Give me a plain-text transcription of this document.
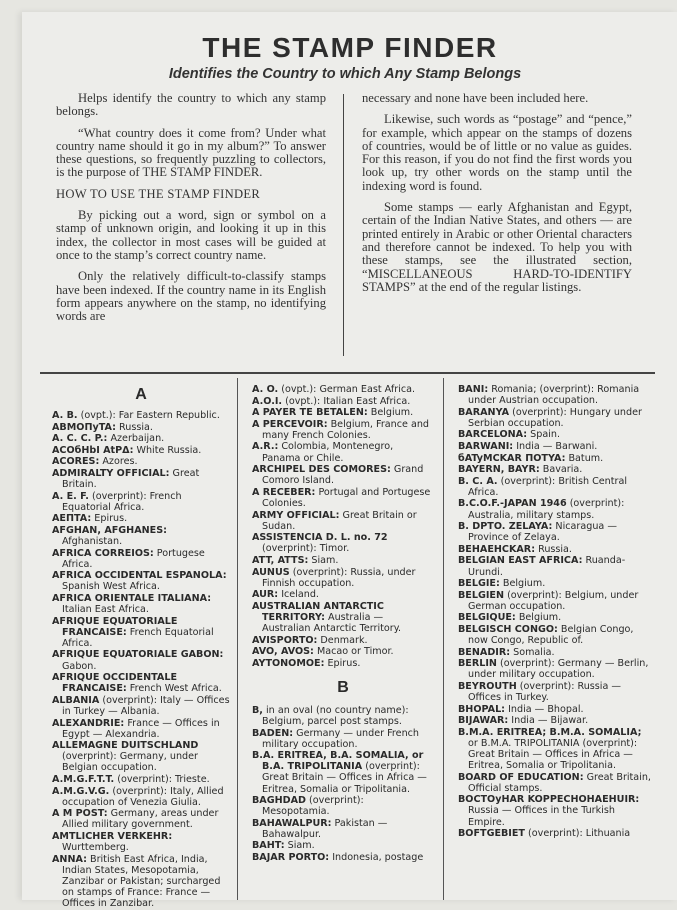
THE STAMP FINDER
Identifies the Country to which Any Stamp Belongs

Helps identify the country to which any stamp belongs.

“What country does it come from? Under what country name should it go in my album?” To answer these questions, so frequently puzzling to collectors, is the purpose of THE STAMP FINDER.

HOW TO USE THE STAMP FINDER

By picking out a word, sign or symbol on a stamp of unknown origin, and looking it up in this index, the collector in most cases will be guided at once to the stamp’s correct country name.

Only the relatively difficult-to-classify stamps have been indexed. If the country name in its English form appears anywhere on the stamp, no identifying words are

necessary and none have been included here.

Likewise, such words as “postage” and “pence,” for example, which appear on the stamps of dozens of countries, would be of little or no value as guides. For this reason, if you do not find the first words you look up, try other words on the stamp until the indexing word is found.

Some stamps — early Afghanistan and Egypt, certain of the Indian Native States, and others — are printed entirely in Arabic or other Oriental characters and therefore cannot be indexed. To help you with these stamps, see the illustrated section, “MISCELLANEOUS HARD-TO-IDENTIFY STAMPS” at the end of the regular listings.

A
A. B. (ovpt.): Far Eastern Republic.
ABMOПyTA: Russia.
A. C. C. P.: Azerbaijan.
ACOбHbI AtPΔ: White Russia.
ACORES: Azores.
ADMIRALTY OFFICIAL: Great Britain.
A. E. F. (overprint): French Equatorial Africa.
AEПTA: Epirus.
AFGHAN, AFGHANES: Afghanistan.
AFRICA CORREIOS: Portugese Africa.
AFRICA OCCIDENTAL ESPANOLA: Spanish West Africa.
AFRICA ORIENTALE ITALIANA: Italian East Africa.
AFRIQUE EQUATORIALE FRANCAISE: French Equatorial Africa.
AFRIQUE EQUATORIALE GABON: Gabon.
AFRIQUE OCCIDENTALE FRANCAISE: French West Africa.
ALBANIA (overprint): Italy — Offices in Turkey — Albania.
ALEXANDRIE: France — Offices in Egypt — Alexandria.
ALLEMAGNE DUITSCHLAND (overprint): Germany, under Belgian occupation.
A.M.G.F.T.T. (overprint): Trieste.
A.M.G.V.G. (overprint): Italy, Allied occupation of Venezia Giulia.
A M POST: Germany, areas under Allied military government.
AMTLICHER VERKEHR: Wurttemberg.
ANNA: British East Africa, India, Indian States, Mesopotamia, Zanzibar or Pakistan; surcharged on stamps of France: France — Offices in Zanzibar.
A. O. (ovpt.): German East Africa.
A.O.I. (ovpt.): Italian East Africa.
A PAYER TE BETALEN: Belgium.
A PERCEVOIR: Belgium, France and many French Colonies.
A.R.: Colombia, Montenegro, Panama or Chile.
ARCHIPEL DES COMORES: Grand Comoro Island.
A RECEBER: Portugal and Portugese Colonies.
ARMY OFFICIAL: Great Britain or Sudan.
ASSISTENCIA D. L. no. 72 (overprint): Timor.
ATT, ATTS: Siam.
AUNUS (overprint): Russia, under Finnish occupation.
AUR: Iceland.
AUSTRALIAN ANTARCTIC TERRITORY: Australia — Australian Antarctic Territory.
AVISPORTO: Denmark.
AVO, AVOS: Macao or Timor.
AYTONOMOE: Epirus.
B
B, in an oval (no country name): Belgium, parcel post stamps.
BADEN: Germany — under French military occupation.
B.A. ERITREA, B.A. SOMALIA, or B.A. TRIPOLITANIA (overprint): Great Britain — Offices in Africa — Eritrea, Somalia or Tripolitania.
BAGHDAD (overprint): Mesopotamia.
BAHAWALPUR: Pakistan — Bahawalpur.
BAHT: Siam.
BAJAR PORTO: Indonesia, postage
BANI: Romania; (overprint): Romania under Austrian occupation.
BARANYA (overprint): Hungary under Serbian occupation.
BARCELONA: Spain.
BARWANI: India — Barwani.
бATyMCKAR ПOTYA: Batum.
BAYERN, BAYR: Bavaria.
B. C. A. (overprint): British Central Africa.
B.C.O.F.-JAPAN 1946 (overprint): Australia, military stamps.
B. DPTO. ZELAYA: Nicaragua — Province of Zelaya.
BEHAEHCKAR: Russia.
BELGIAN EAST AFRICA: Ruanda-Urundi.
BELGIE: Belgium.
BELGIEN (overprint): Belgium, under German occupation.
BELGIQUE: Belgium.
BELGISCH CONGO: Belgian Congo, now Congo, Republic of.
BENADIR: Somalia.
BERLIN (overprint): Germany — Berlin, under military occupation.
BEYROUTH (overprint): Russia — Offices in Turkey.
BHOPAL: India — Bhopal.
BIJAWAR: India — Bijawar.
B.M.A. ERITREA; B.M.A. SOMALIA; or B.M.A. TRIPOLITANIA (overprint): Great Britain — Offices in Africa — Eritrea, Somalia or Tripolitania.
BOARD OF EDUCATION: Great Britain, Official stamps.
BOCTOyHAR KOPPECHOHAEHUIR: Russia — Offices in the Turkish Empire.
BOFTGEBIET (overprint): Lithuania
